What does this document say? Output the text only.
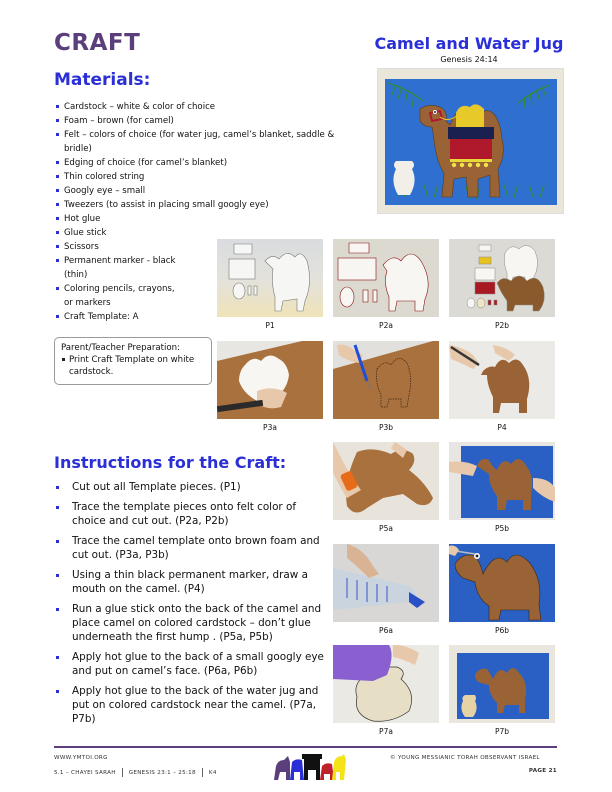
CRAFT
Materials:
Camel and Water Jug
Genesis 24:14
Cardstock – white & color of choice
Foam – brown (for camel)
Felt – colors of choice (for water jug, camel’s blanket, saddle & bridle)
Edging of choice (for camel’s blanket)
Thin colored string
Googly eye – small
Tweezers (to assist in placing small googly eye)
Hot glue
Glue stick
Scissors
Permanent marker - black (thin)
Coloring pencils, crayons, or markers
Craft Template: A
Parent/Teacher Preparation:
Print Craft Template on white cardstock.
P1	P2a	P2b
P3a	P3b	P4
Instructions for the Craft:
Cut out all Template pieces. (P1)
Trace the template pieces onto felt color of choice and cut out. (P2a, P2b)
Trace the camel template onto brown foam and cut out. (P3a, P3b)
Using a thin black permanent marker, draw a mouth on the camel. (P4)
Run a glue stick onto the back of the camel and place camel on colored cardstock – don’t glue underneath the first hump . (P5a, P5b)
Apply hot glue to the back of a small googly eye and put on camel’s face. (P6a, P6b)
Apply hot glue to the back of the water jug and put on colored cardstock near the camel. (P7a, P7b)
P5a	P5b
P6a	P6b
P7a	P7b
WWW.YMTOI.ORG
5.1 – CHAYEI SARAH GENESIS 23:1 – 25:18 K4
© YOUNG MESSIANIC TORAH OBSERVANT ISRAEL
PAGE 21
